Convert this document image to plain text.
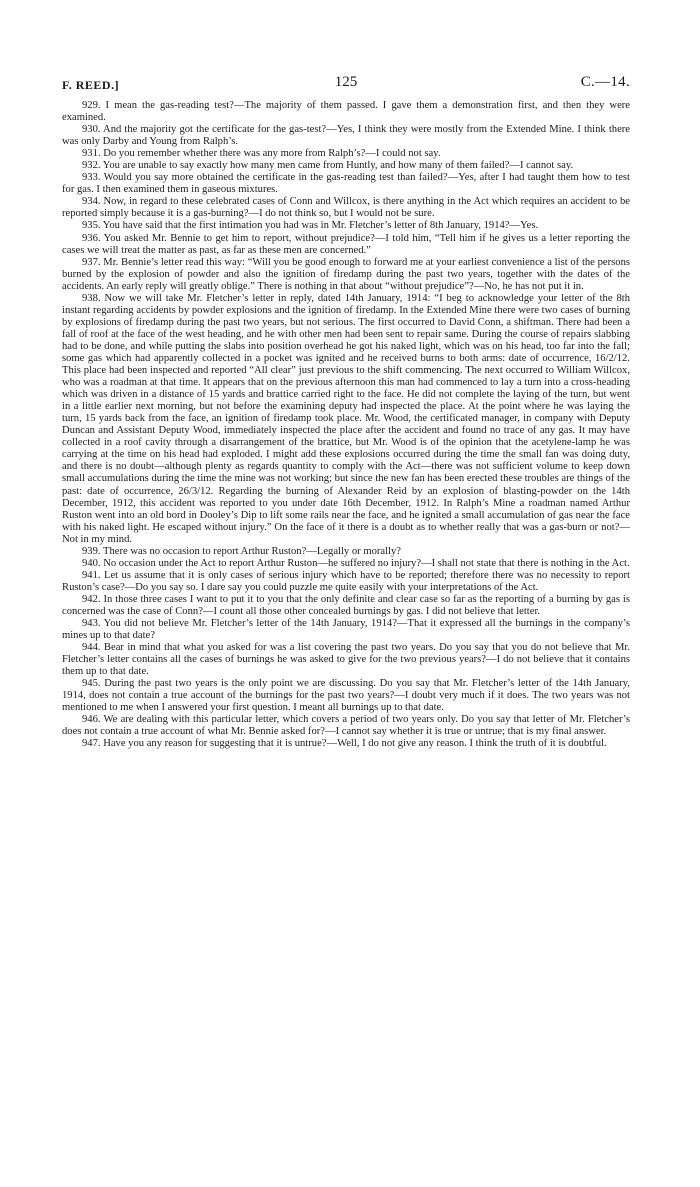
F. REED.]	125	C.—14.

929. I mean the gas-reading test?—The majority of them passed. I gave them a demonstration first, and then they were examined.

930. And the majority got the certificate for the gas-test?—Yes, I think they were mostly from the Extended Mine. I think there was only Darby and Young from Ralph’s.

931. Do you remember whether there was any more from Ralph’s?—I could not say.

932. You are unable to say exactly how many men came from Huntly, and how many of them failed?—I cannot say.

933. Would you say more obtained the certificate in the gas-reading test than failed?—Yes, after I had taught them how to test for gas. I then examined them in gaseous mixtures.

934. Now, in regard to these celebrated cases of Conn and Willcox, is there anything in the Act which requires an accident to be reported simply because it is a gas-burning?—I do not think so, but I would not be sure.

935. You have said that the first intimation you had was in Mr. Fletcher’s letter of 8th January, 1914?—Yes.

936. You asked Mr. Bennie to get him to report, without prejudice?—I told him, “Tell him if he gives us a letter reporting the cases we will treat the matter as past, as far as these men are concerned.”

937. Mr. Bennie’s letter read this way: “Will you be good enough to forward me at your earliest convenience a list of the persons burned by the explosion of powder and also the ignition of firedamp during the past two years, together with the dates of the accidents. An early reply will greatly oblige.” There is nothing in that about “without prejudice”?—No, he has not put it in.

938. Now we will take Mr. Fletcher’s letter in reply, dated 14th January, 1914: “I beg to acknowledge your letter of the 8th instant regarding accidents by powder explosions and the ignition of firedamp. In the Extended Mine there were two cases of burning by explosions of firedamp during the past two years, but not serious. The first occurred to David Conn, a shiftman. There had been a fall of roof at the face of the west heading, and he with other men had been sent to repair same. During the course of repairs slabbing had to be done, and while putting the slabs into position overhead he got his naked light, which was on his head, too far into the fall; some gas which had apparently collected in a pocket was ignited and he received burns to both arms: date of occurrence, 16/2/12. This place had been inspected and reported “All clear” just previous to the shift commencing. The next occurred to William Willcox, who was a roadman at that time. It appears that on the previous afternoon this man had commenced to lay a turn into a cross-heading which was driven in a distance of 15 yards and brattice carried right to the face. He did not complete the laying of the turn, but went in a little earlier next morning, but not before the examining deputy had inspected the place. At the point where he was laying the turn, 15 yards back from the face, an ignition of firedamp took place. Mr. Wood, the certificated manager, in company with Deputy Duncan and Assistant Deputy Wood, immediately inspected the place after the accident and found no trace of any gas. It may have collected in a roof cavity through a disarrangement of the brattice, but Mr. Wood is of the opinion that the acetylene-lamp he was carrying at the time on his head had exploded. I might add these explosions occurred during the time the small fan was doing duty, and there is no doubt—although plenty as regards quantity to comply with the Act—there was not sufficient volume to keep down small accumulations during the time the mine was not working; but since the new fan has been erected these troubles are things of the past: date of occurrence, 26/3/12. Regarding the burning of Alexander Reid by an explosion of blasting-powder on the 14th December, 1912, this accident was reported to you under date 16th December, 1912. In Ralph’s Mine a roadman named Arthur Ruston went into an old bord in Dooley’s Dip to lift some rails near the face, and he ignited a small accumulation of gas near the face with his naked light. He escaped without injury.” On the face of it there is a doubt as to whether really that was a gas-burn or not?—Not in my mind.

939. There was no occasion to report Arthur Ruston?—Legally or morally?

940. No occasion under the Act to report Arthur Ruston—he suffered no injury?—I shall not state that there is nothing in the Act.

941. Let us assume that it is only cases of serious injury which have to be reported; therefore there was no necessity to report Ruston’s case?—Do you say so. I dare say you could puzzle me quite easily with your interpretations of the Act.

942. In those three cases I want to put it to you that the only definite and clear case so far as the reporting of a burning by gas is concerned was the case of Conn?—I count all those other concealed burnings by gas. I did not believe that letter.

943. You did not believe Mr. Fletcher’s letter of the 14th January, 1914?—That it expressed all the burnings in the company’s mines up to that date?

944. Bear in mind that what you asked for was a list covering the past two years. Do you say that you do not believe that Mr. Fletcher’s letter contains all the cases of burnings he was asked to give for the two previous years?—I do not believe that it contains them up to that date.

945. During the past two years is the only point we are discussing. Do you say that Mr. Fletcher’s letter of the 14th January, 1914, does not contain a true account of the burnings for the past two years?—I doubt very much if it does. The two years was not mentioned to me when I answered your first question. I meant all burnings up to that date.

946. We are dealing with this particular letter, which covers a period of two years only. Do you say that letter of Mr. Fletcher’s does not contain a true account of what Mr. Bennie asked for?—I cannot say whether it is true or untrue; that is my final answer.

947. Have you any reason for suggesting that it is untrue?—Well, I do not give any reason. I think the truth of it is doubtful.
